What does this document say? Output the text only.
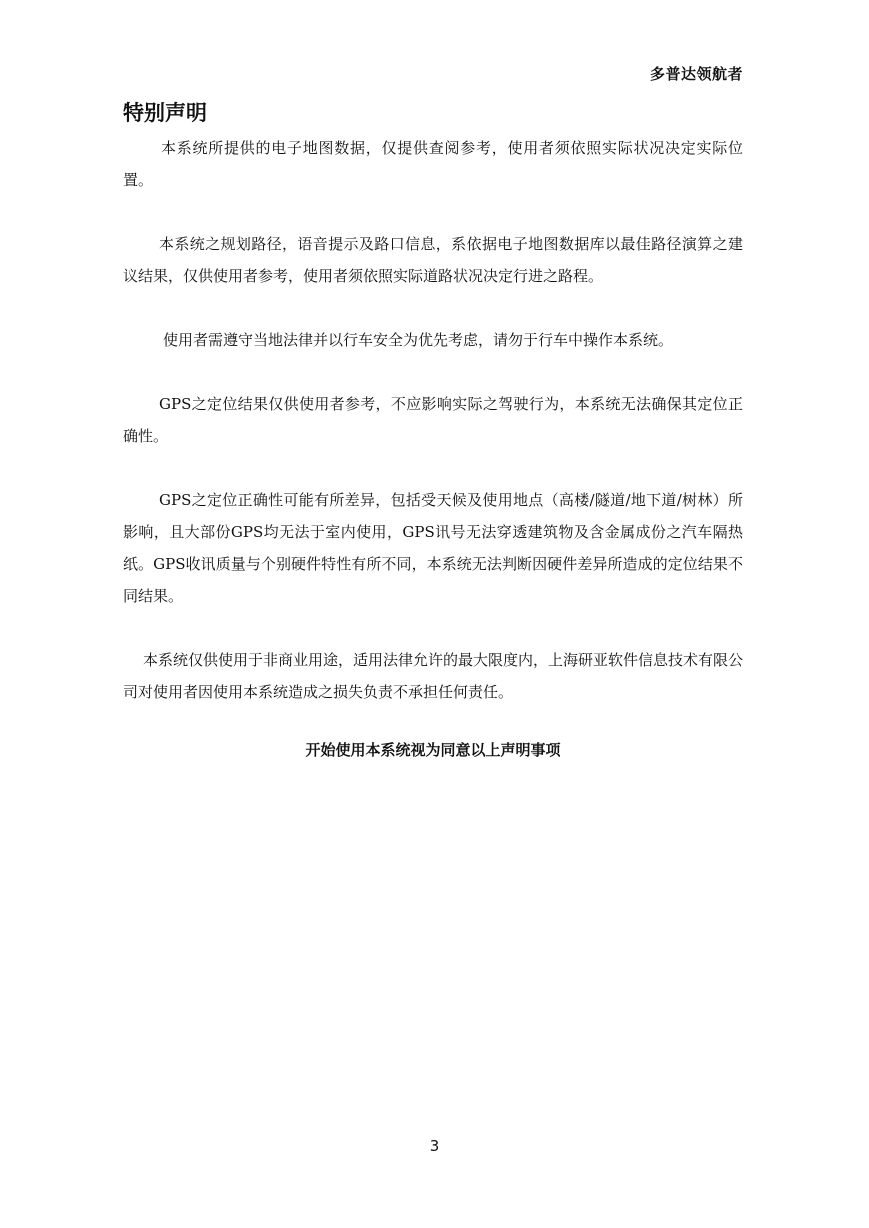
多普达领航者
特别声明

本系统所提供的电子地图数据，仅提供查阅参考，使用者须依照实际状况决定实际位置。

本系统之规划路径，语音提示及路口信息，系依据电子地图数据库以最佳路径演算之建议结果，仅供使用者参考，使用者须依照实际道路状况决定行进之路程。

使用者需遵守当地法律并以行车安全为优先考虑，请勿于行车中操作本系统。

GPS之定位结果仅供使用者参考，不应影响实际之驾驶行为，本系统无法确保其定位正确性。

GPS之定位正确性可能有所差异，包括受天候及使用地点（高楼/隧道/地下道/树林）所影响，且大部份GPS均无法于室内使用，GPS讯号无法穿透建筑物及含金属成份之汽车隔热纸。GPS收讯质量与个别硬件特性有所不同，本系统无法判断因硬件差异所造成的定位结果不同结果。

本系统仅供使用于非商业用途，适用法律允许的最大限度内，上海研亚软件信息技术有限公司对使用者因使用本系统造成之损失负责不承担任何责任。

开始使用本系统视为同意以上声明事项

3
